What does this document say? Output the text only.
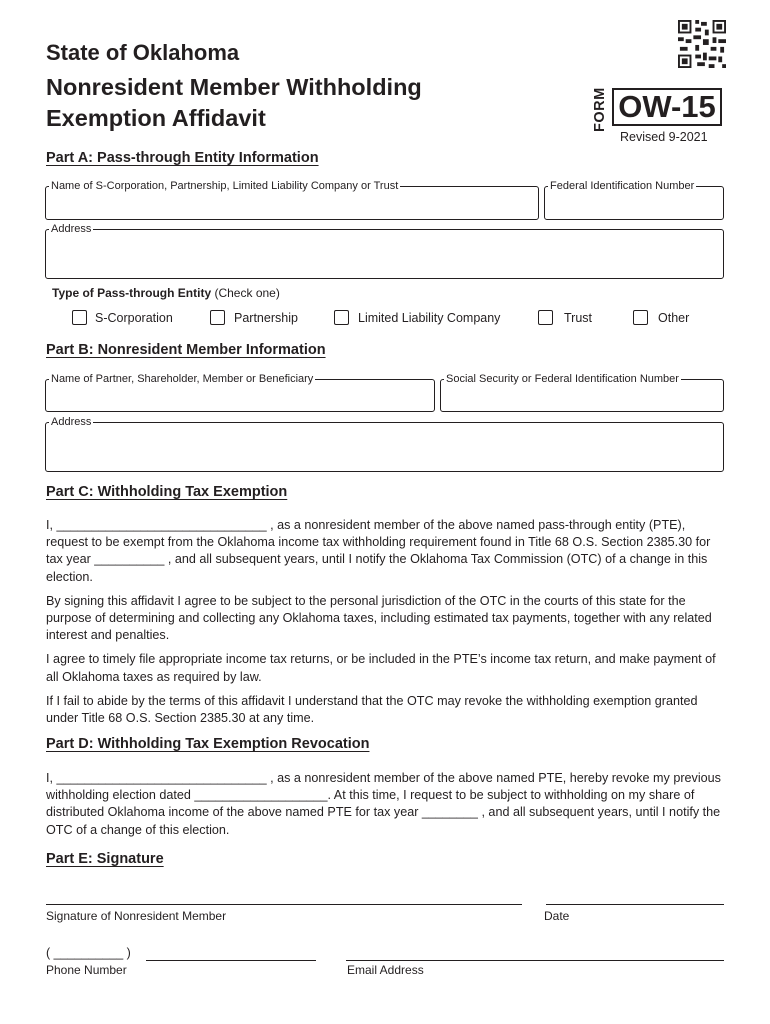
State of Oklahoma
Nonresident Member Withholding
Exemption Affidavit	FORM OW-15
Revised 9-2021
Part A: Pass-through Entity Information
Name of S-Corporation, Partnership, Limited Liability Company or Trust	Federal Identification Number
Address
Type of Pass-through Entity (Check one)
S-Corporation	Partnership	Limited Liability Company	Trust	Other
Part B: Nonresident Member Information
Name of Partner, Shareholder, Member or Beneficiary	Social Security or Federal Identification Number
Address
Part C: Withholding Tax Exemption

I, ______________________________ , as a nonresident member of the above named pass-through entity (PTE), request to be exempt from the Oklahoma income tax withholding requirement found in Title 68 O.S. Section 2385.30 for tax year __________ , and all subsequent years, until I notify the Oklahoma Tax Commission (OTC) of a change in this election.

By signing this affidavit I agree to be subject to the personal jurisdiction of the OTC in the courts of this state for the purpose of determining and collecting any Oklahoma taxes, including estimated tax payments, together with any related interest and penalties.

I agree to timely file appropriate income tax returns, or be included in the PTE’s income tax return, and make payment of all Oklahoma taxes as required by law.

If I fail to abide by the terms of this affidavit I understand that the OTC may revoke the withholding exemption granted under Title 68 O.S. Section 2385.30 at any time.

Part D: Withholding Tax Exemption Revocation

I, ______________________________ , as a nonresident member of the above named PTE, hereby revoke my previous withholding election dated ___________________. At this time, I request to be subject to withholding on my share of distributed Oklahoma income of the above named PTE for tax year ________ , and all subsequent years, until I notify the OTC of a change of this election.

Part E: Signature
Signature of Nonresident Member	Date
( __________ )
Phone Number	Email Address
